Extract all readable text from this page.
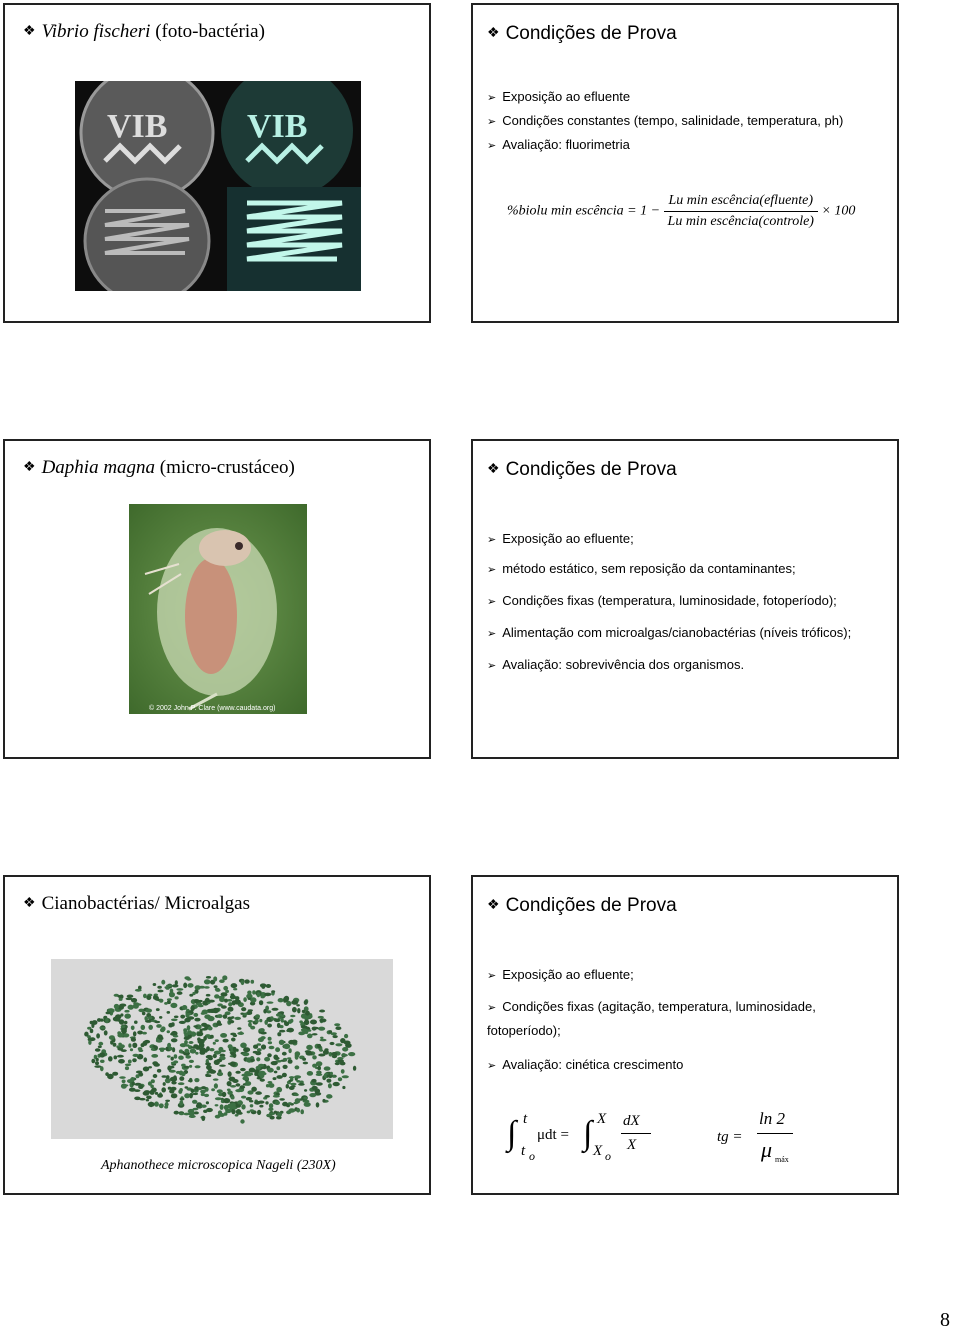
❖ Vibrio fischeri (foto-bactéria)
VIB VIB
❖ Condições de Prova
➢ Exposição ao efluente
➢ Condições constantes (tempo, salinidade, temperatura, ph)
➢ Avaliação: fluorimetria
%biolu min escência = $1 - \frac{\text{Lu min escência(efluente)}}{\text{Lu min escência(controle)}} \times 100$
❖ Daphia magna (micro-crustáceo)
© 2002 John P. Clare (www.caudata.org)
❖ Condições de Prova
➢ Exposição ao efluente;
➢ método estático, sem reposição da contaminantes;
➢ Condições fixas (temperatura, luminosidade, fotoperíodo);
➢ Alimentação com microalgas/cianobactérias (níveis tróficos);
➢ Avaliação: sobrevivência dos organismos.
❖ Cianobactérias/ Microalgas
Aphanothece microscopica Nageli (230X)
❖ Condições de Prova
➢ Exposição ao efluente;
➢ Condições fixas (agitação, temperatura, luminosidade,
fotoperíodo);
➢ Avaliação: cinética crescimento
∫ t
t o
μdt = ∫ X
X o
dX
X	tg =
ln 2
μ máx
8
